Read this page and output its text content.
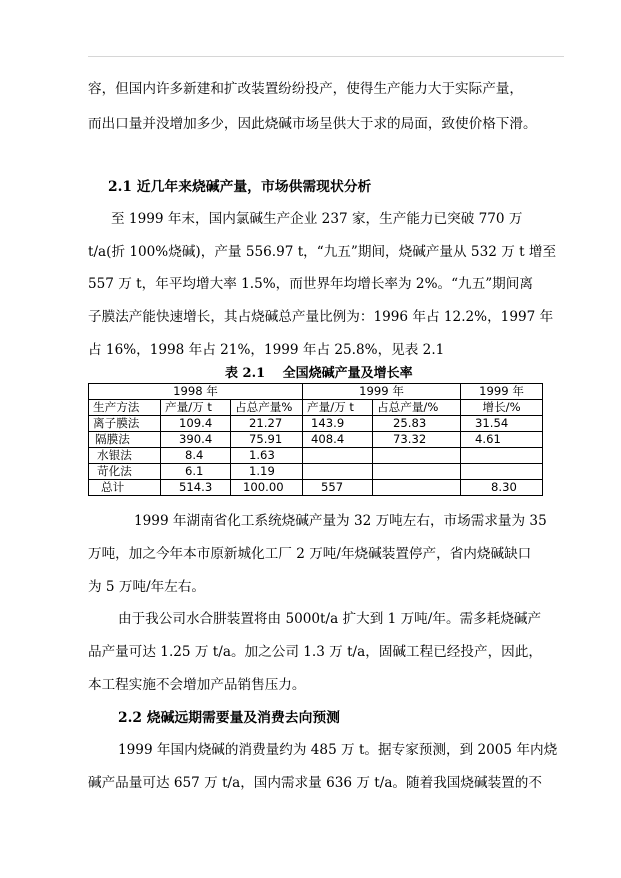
容，但国内许多新建和扩改装置纷纷投产，使得生产能力大于实际产量，
而出口量并没增加多少，因此烧碱市场呈供大于求的局面，致使价格下滑。
2.1 近几年来烧碱产量，市场供需现状分析
至 1999 年末，国内氯碱生产企业 237 家，生产能力已突破 770 万
t/a(折 100%烧碱)，产量 556.97 t，“九五”期间，烧碱产量从 532 万 t 增至
557 万 t，年平均增大率 1.5%，而世界年均增长率为 2%。“九五”期间离
子膜法产能快速增长，其占烧碱总产量比例为：1996 年占 12.2%，1997 年
占 16%，1998 年占 21%，1999 年占 25.8%，见表 2.1
表 2.1　 全国烧碱产量及增长率
1998 年			1999 年		1999 年
生产方法	产量/万 t	占总产量%	产量/万 t	占总产量/%	增长/%
离子膜法	109.4	21.27	143.9	25.83	31.54
隔膜法	390.4	75.91	408.4	73.32	4.61
水银法	8.4	1.63			
苛化法	6.1	1.19			
总计	514.3	100.00	557		8.30
1999 年湖南省化工系统烧碱产量为 32 万吨左右，市场需求量为 35
万吨，加之今年本市原新城化工厂 2 万吨/年烧碱装置停产，省内烧碱缺口
为 5 万吨/年左右。
由于我公司水合肼装置将由 5000t/a 扩大到 1 万吨/年。需多耗烧碱产
品产量可达 1.25 万 t/a。加之公司 1.3 万 t/a，固碱工程已经投产，因此，
本工程实施不会增加产品销售压力。
2.2 烧碱远期需要量及消费去向预测
1999 年国内烧碱的消费量约为 485 万 t。据专家预测，到 2005 年内烧
碱产品量可达 657 万 t/a，国内需求量 636 万 t/a。随着我国烧碱装置的不
